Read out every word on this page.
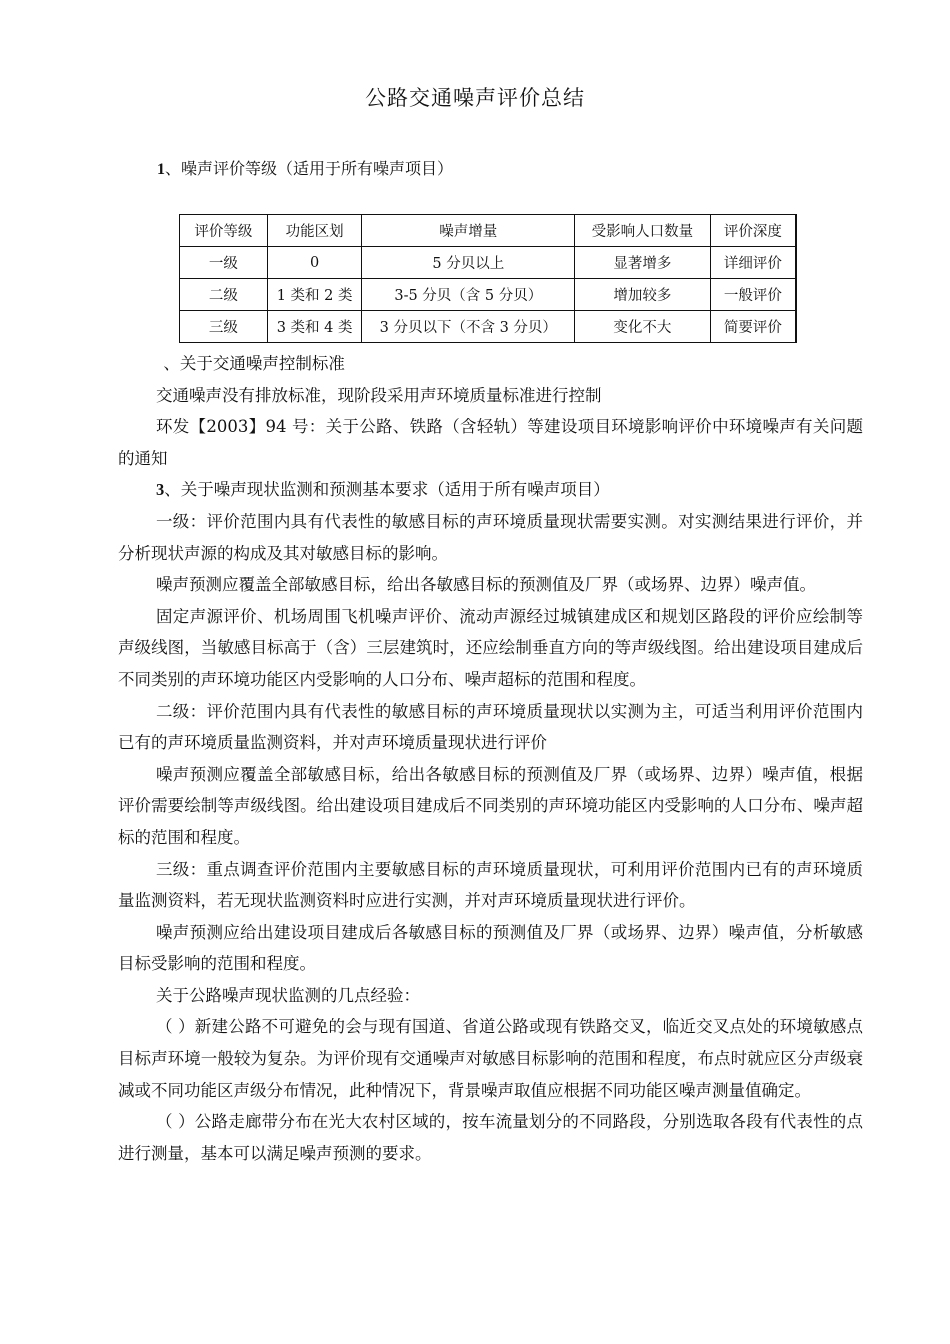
公路交通噪声评价总结
1、噪声评价等级（适用于所有噪声项目）
评价等级	功能区划	噪声增量	受影响人口数量	评价深度
一级	0	5 分贝以上	显著增多	详细评价
二级	1 类和 2 类	3-5 分贝（含 5 分贝）	增加较多	一般评价
三级	3 类和 4 类	3 分贝以下（不含 3 分贝）	变化不大	简要评价

、关于交通噪声控制标准

交通噪声没有排放标准，现阶段采用声环境质量标准进行控制

环发【2003】94 号：关于公路、铁路（含轻轨）等建设项目环境影响评价中环境噪声有关问题的通知

3、关于噪声现状监测和预测基本要求（适用于所有噪声项目）

一级：评价范围内具有代表性的敏感目标的声环境质量现状需要实测。对实测结果进行评价，并分析现状声源的构成及其对敏感目标的影响。

噪声预测应覆盖全部敏感目标，给出各敏感目标的预测值及厂界（或场界、边界）噪声值。

固定声源评价、机场周围飞机噪声评价、流动声源经过城镇建成区和规划区路段的评价应绘制等声级线图，当敏感目标高于（含）三层建筑时，还应绘制垂直方向的等声级线图。给出建设项目建成后不同类别的声环境功能区内受影响的人口分布、噪声超标的范围和程度。

二级：评价范围内具有代表性的敏感目标的声环境质量现状以实测为主，可适当利用评价范围内已有的声环境质量监测资料，并对声环境质量现状进行评价

噪声预测应覆盖全部敏感目标，给出各敏感目标的预测值及厂界（或场界、边界）噪声值，根据评价需要绘制等声级线图。给出建设项目建成后不同类别的声环境功能区内受影响的人口分布、噪声超标的范围和程度。

三级：重点调查评价范围内主要敏感目标的声环境质量现状，可利用评价范围内已有的声环境质量监测资料，若无现状监测资料时应进行实测，并对声环境质量现状进行评价。

噪声预测应给出建设项目建成后各敏感目标的预测值及厂界（或场界、边界）噪声值，分析敏感目标受影响的范围和程度。

关于公路噪声现状监测的几点经验：

（ ）新建公路不可避免的会与现有国道、省道公路或现有铁路交叉，临近交叉点处的环境敏感点目标声环境一般较为复杂。为评价现有交通噪声对敏感目标影响的范围和程度，布点时就应区分声级衰减或不同功能区声级分布情况，此种情况下，背景噪声取值应根据不同功能区噪声测量值确定。

（ ）公路走廊带分布在光大农村区域的，按车流量划分的不同路段，分别选取各段有代表性的点进行测量，基本可以满足噪声预测的要求。
